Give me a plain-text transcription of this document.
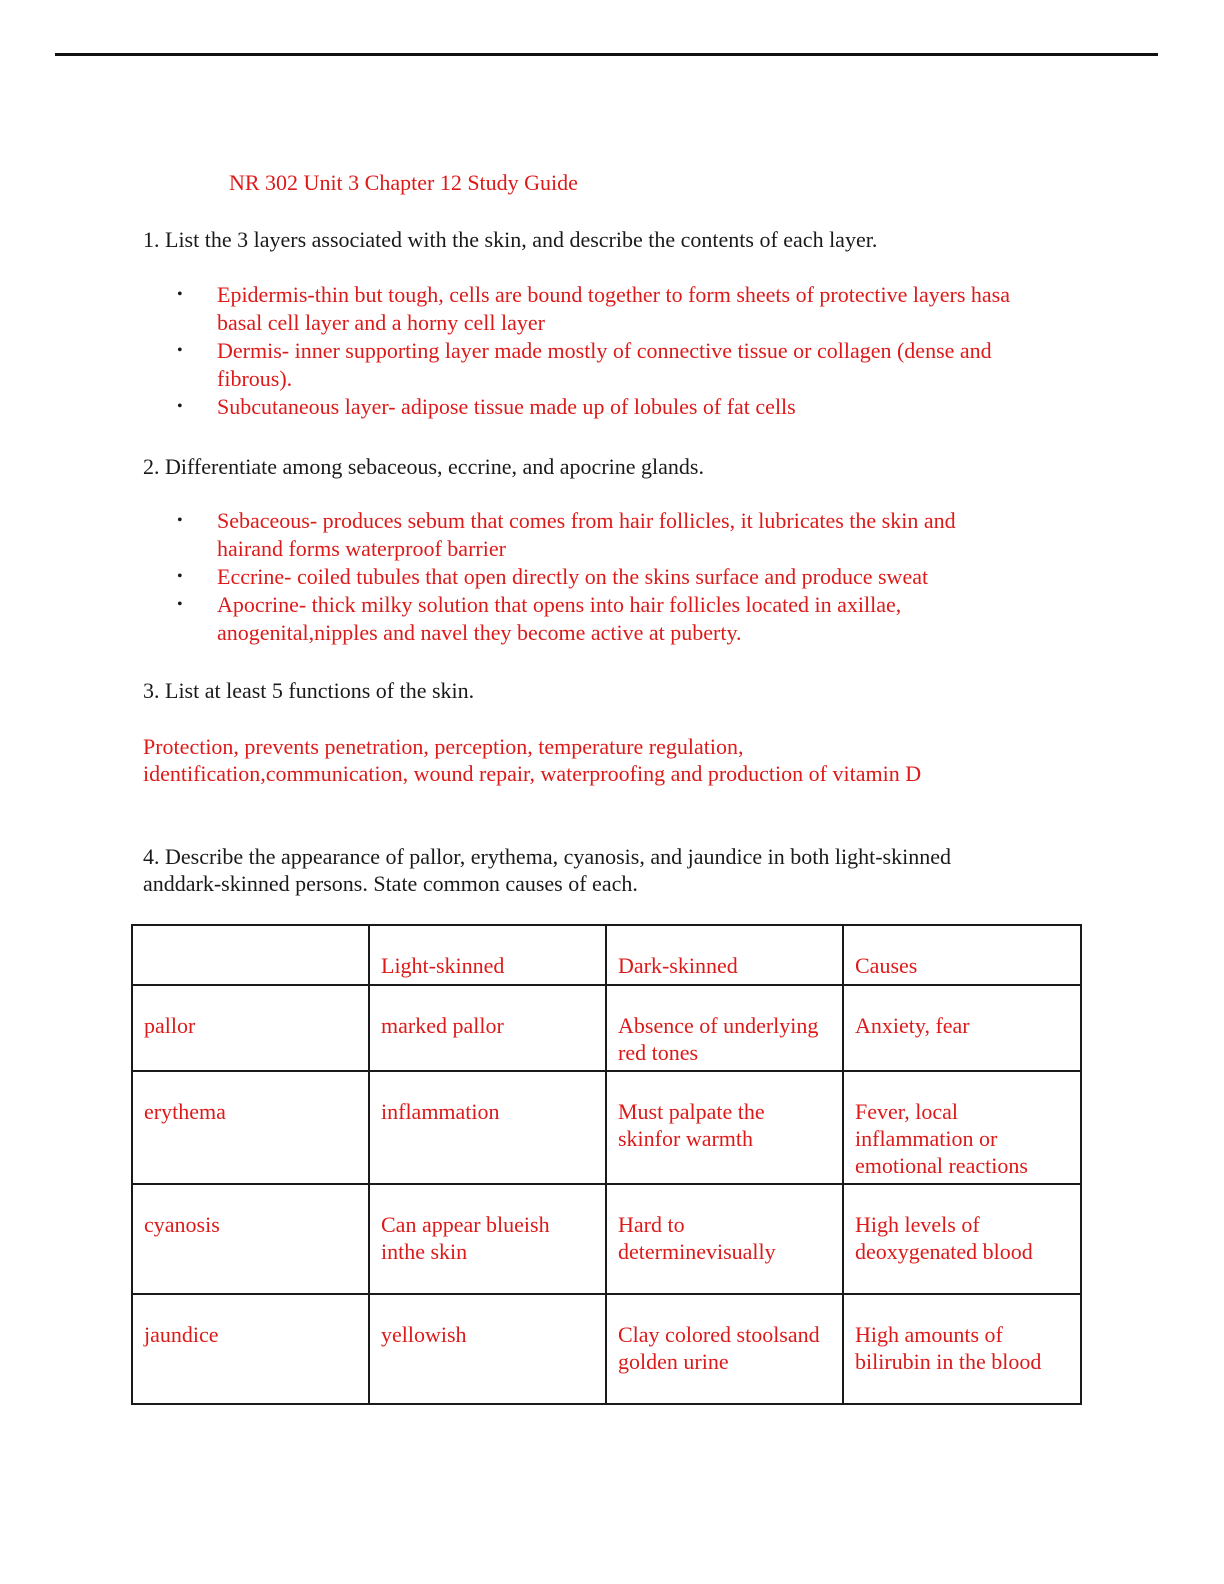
NR 302 Unit 3 Chapter 12 Study Guide
1. List the 3 layers associated with the skin, and describe the contents of each layer.
• Epidermis-thin but tough, cells are bound together to form sheets of protective layers hasa basal cell layer and a horny cell layer
• Dermis- inner supporting layer made mostly of connective tissue or collagen (dense and fibrous).
• Subcutaneous layer- adipose tissue made up of lobules of fat cells
2. Differentiate among sebaceous, eccrine, and apocrine glands.
• Sebaceous- produces sebum that comes from hair follicles, it lubricates the skin and hairand forms waterproof barrier
• Eccrine- coiled tubules that open directly on the skins surface and produce sweat
• Apocrine- thick milky solution that opens into hair follicles located in axillae, anogenital,nipples and navel they become active at puberty.
3. List at least 5 functions of the skin.
Protection, prevents penetration, perception, temperature regulation, identification,communication, wound repair, waterproofing and production of vitamin D
4. Describe the appearance of pallor, erythema, cyanosis, and jaundice in both light-skinned anddark-skinned persons. State common causes of each.
	Light-skinned	Dark-skinned	Causes
pallor	marked pallor	Absence of underlying red tones	Anxiety, fear
erythema	inflammation	Must palpate the skinfor warmth	Fever, local inflammation or emotional reactions
cyanosis	Can appear blueish inthe skin	Hard to determinevisually	High levels of deoxygenated blood
jaundice	yellowish	Clay colored stoolsand golden urine	High amounts of bilirubin in the blood
